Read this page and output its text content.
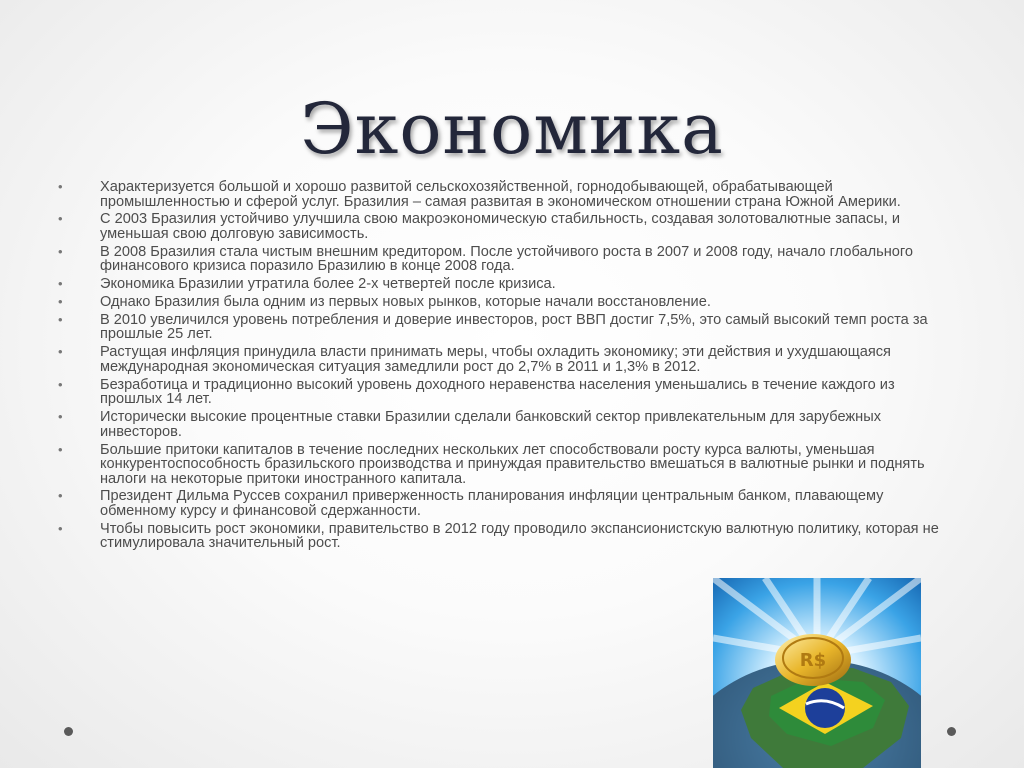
Экономика
•	Характеризуется большой и хорошо развитой сельскохозяйственной, горнодобывающей, обрабатывающей промышленностью и сферой услуг. Бразилия – самая развитая в экономическом отношении страна Южной Америки.
•	С 2003 Бразилия устойчиво улучшила свою макроэкономическую стабильность, создавая золотовалютные запасы, и уменьшая свою долговую зависимость.
•	В 2008 Бразилия стала чистым внешним кредитором. После устойчивого роста в 2007 и 2008 году, начало глобального финансового кризиса поразило Бразилию в конце 2008 года.
•	Экономика Бразилии утратила более 2-х четвертей после кризиса.
•	Однако Бразилия была одним из первых новых рынков, которые начали восстановление.
•	В 2010 увеличился уровень потребления и доверие инвесторов, рост ВВП достиг 7,5%, это самый высокий темп роста за прошлые 25 лет.
•	Растущая инфляция принудила власти принимать меры, чтобы охладить экономику; эти действия и ухудшающаяся международная экономическая ситуация замедлили рост до 2,7% в 2011 и 1,3% в 2012.
•	Безработица и традиционно высокий уровень доходного неравенства населения уменьшались в течение каждого из прошлых 14 лет.
•	Исторически высокие процентные ставки Бразилии сделали банковский сектор привлекательным для зарубежных инвесторов.
•	Большие притоки капиталов в течение последних нескольких лет способствовали росту курса валюты, уменьшая конкурентоспособность бразильского производства и принуждая правительство вмешаться в валютные рынки и поднять налоги на некоторые притоки иностранного капитала.
•	Президент Дильма Руссев сохранил приверженность планирования инфляции центральным банком, плавающему обменному курсу и финансовой сдержанности.
•	Чтобы повысить рост экономики, правительство в 2012 году проводило экспансионистскую валютную политику, которая не стимулировала значительный рост.
R$
